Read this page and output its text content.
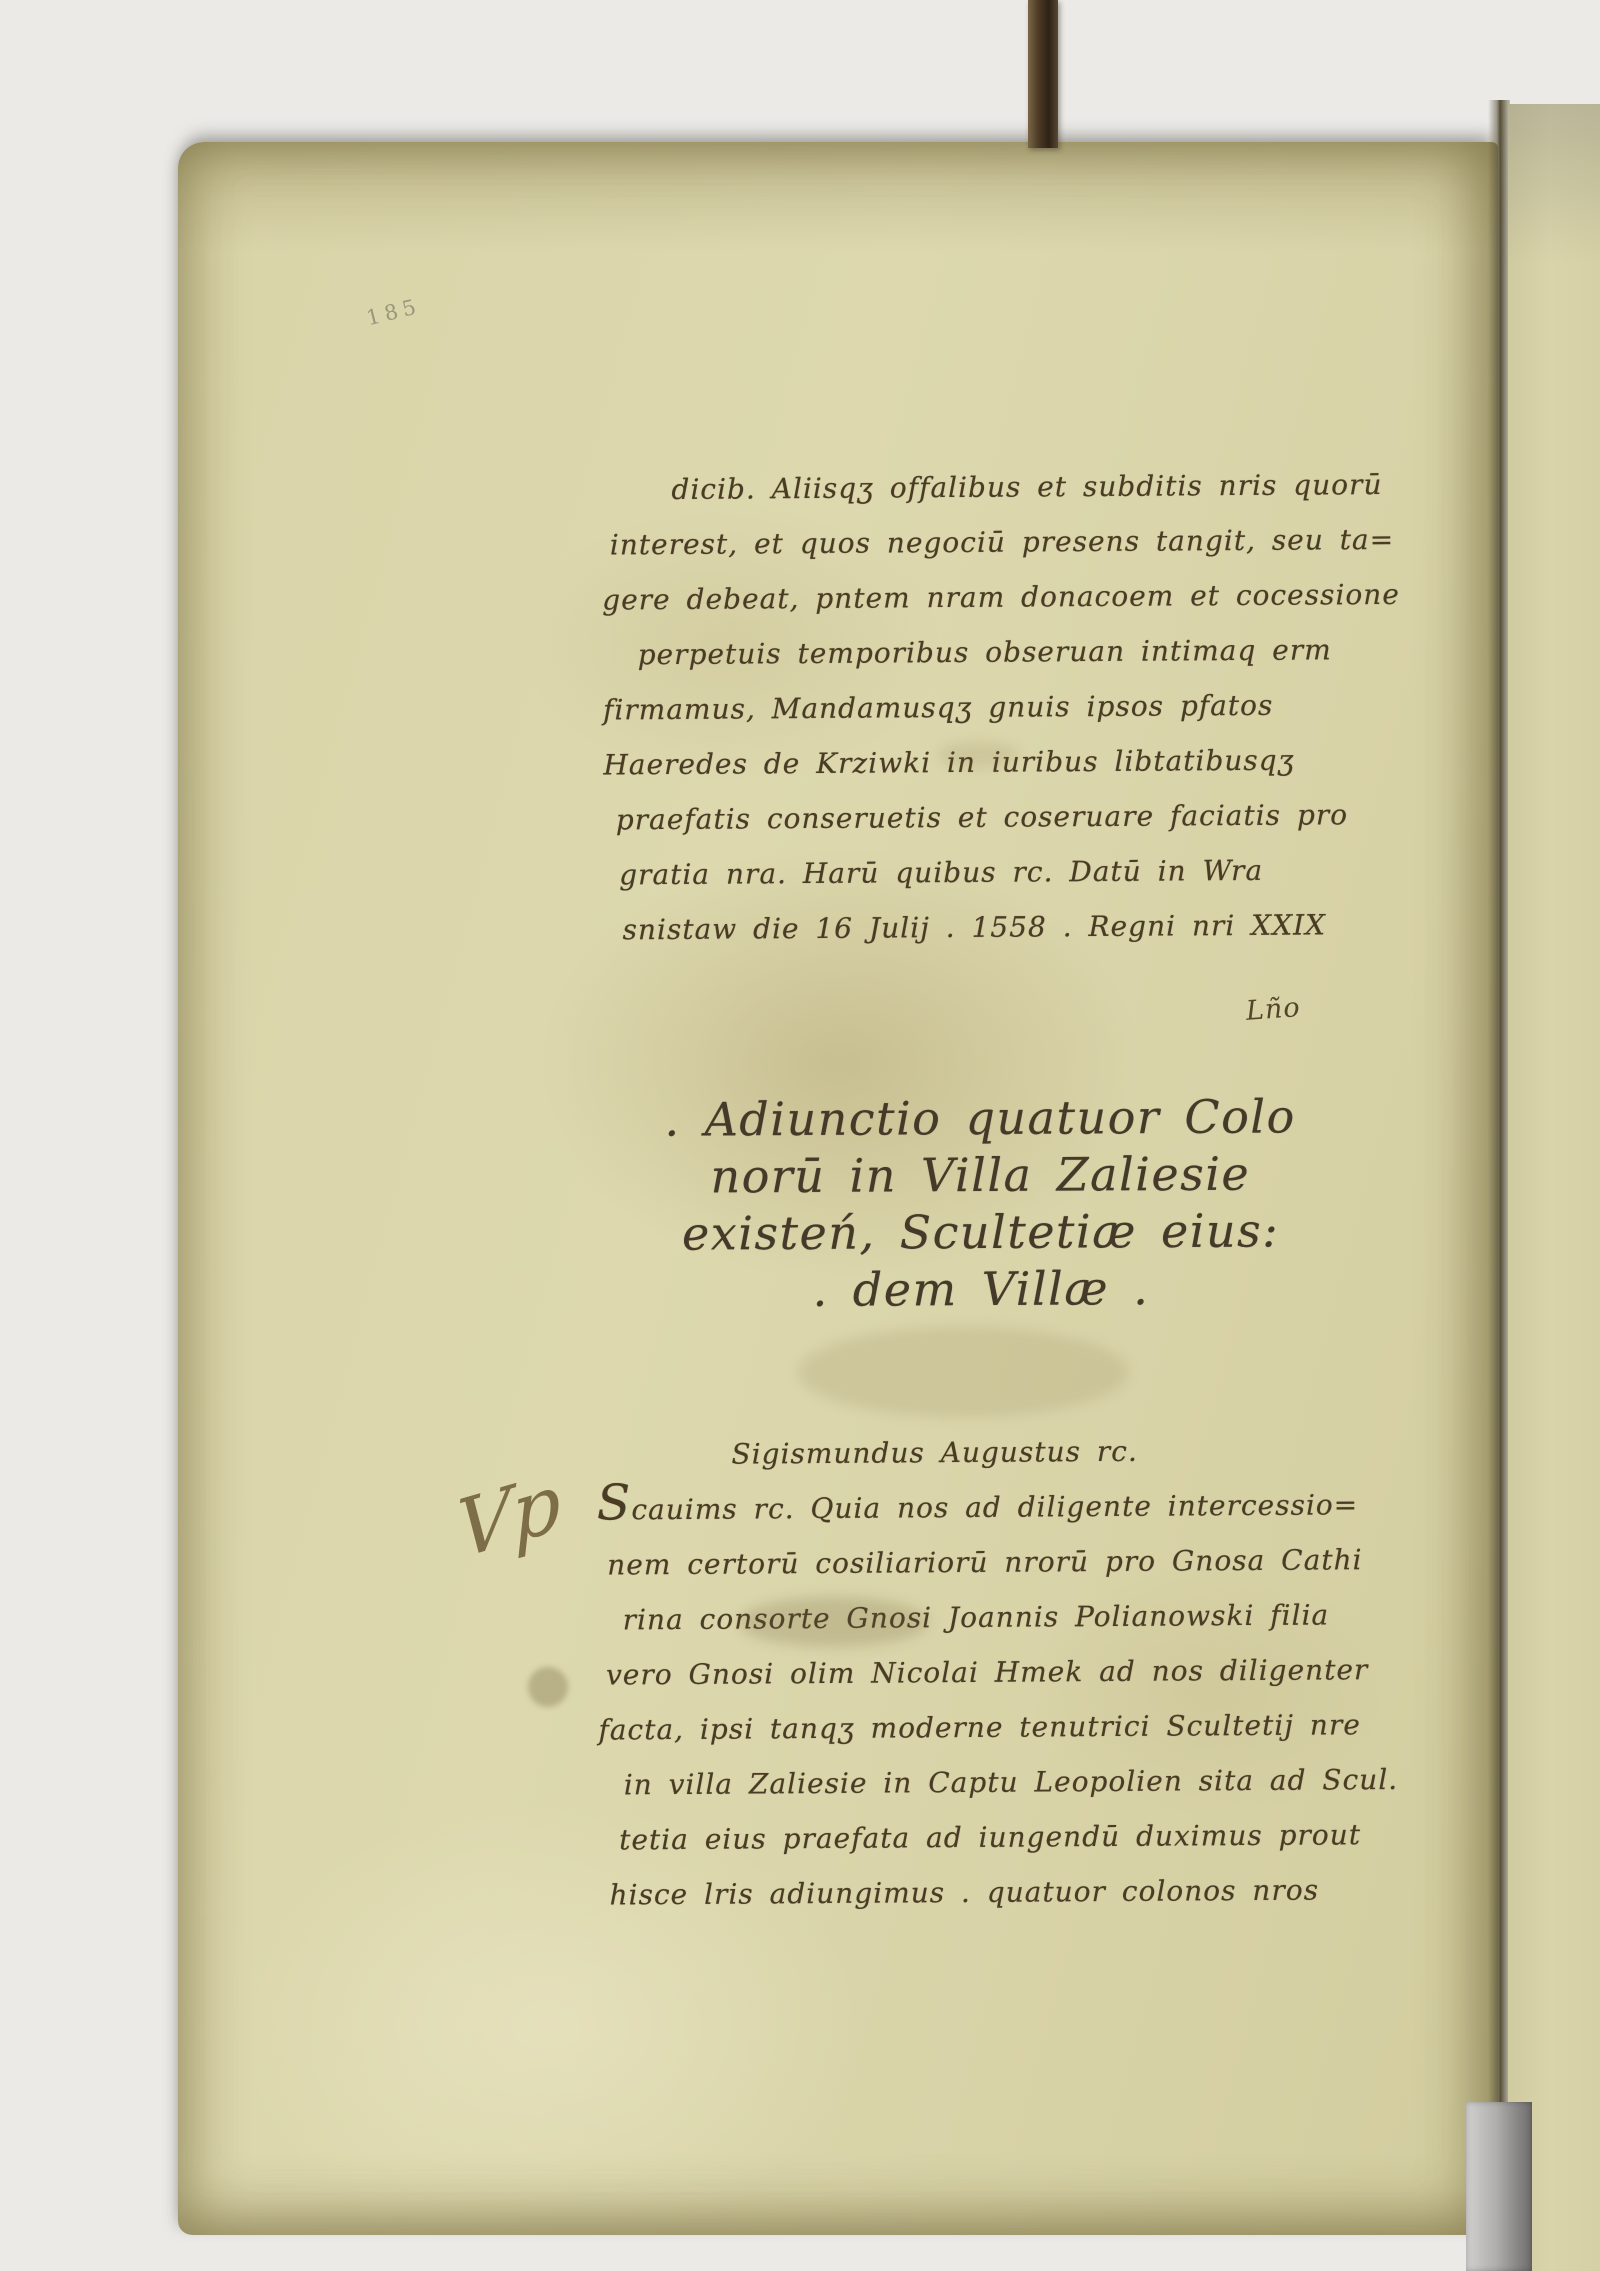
185
dicib. Aliisqʒ offalibus et subditis nris quorū
interest, et quos negociū presens tangit, seu ta=
gere debeat, pntem nram donacoem et cocessione
perpetuis temporibus obseruan intimaq erm
firmamus, Mandamusqʒ gnuis ipsos pfatos
Haeredes de Krziwki in iuribus libtatibusqʒ
praefatis conseruetis et coseruare faciatis pro
gratia nra. Harū quibus rc. Datū in Wra
snistaw die 16 Julij . 1558 . Regni nri XXIX
Lño
. Adiunctio quatuor Colo
norū in Villa Zaliesie
existeń, Scultetiæ eius:
. dem Villæ .
Vp
Sigismundus Augustus rc.
Scauims rc. Quia nos ad diligente intercessio=
nem certorū cosiliariorū nrorū pro Gnosa Cathi
rina consorte Gnosi Joannis Polianowski filia
vero Gnosi olim Nicolai Hmek ad nos diligenter
facta, ipsi tanqʒ moderne tenutrici Scultetij nre
in villa Zaliesie in Captu Leopolien sita ad Scul.
tetia eius praefata ad iungendū duximus prout
hisce lris adiungimus . quatuor colonos nros
